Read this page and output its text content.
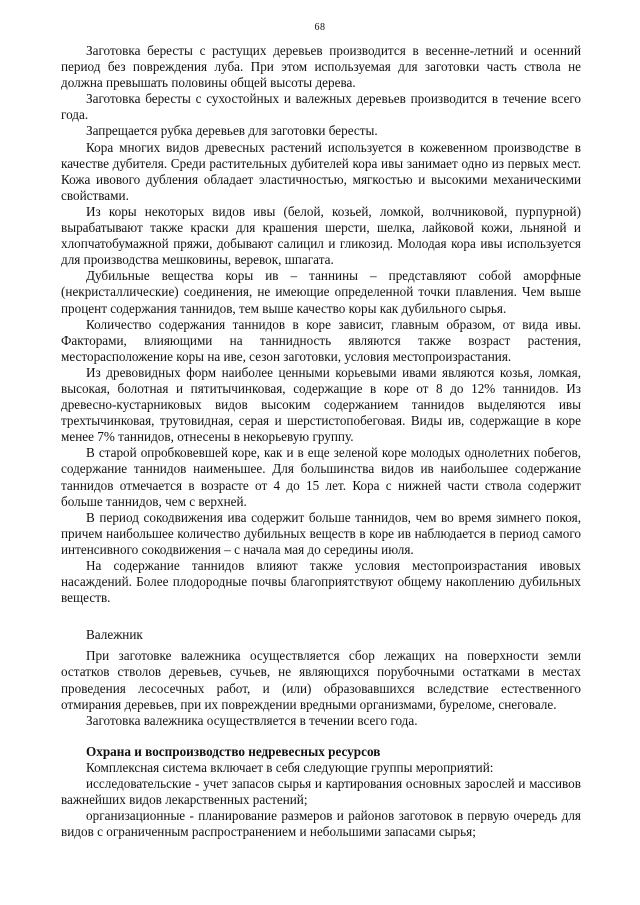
68

Заготовка бересты с растущих деревьев производится в весенне-летний и осенний период без повреждения луба. При этом используемая для заготовки часть ствола не должна превышать половины общей высоты дерева.

Заготовка бересты с сухостойных и валежных деревьев производится в течение всего года.

Запрещается рубка деревьев для заготовки бересты.

Кора многих видов древесных растений используется в кожевенном производстве в качестве дубителя. Среди растительных дубителей кора ивы занимает одно из первых мест. Кожа ивового дубления обладает эластичностью, мягкостью и высокими механическими свойствами.

Из коры некоторых видов ивы (белой, козьей, ломкой, волчниковой, пурпурной) вырабатывают также краски для крашения шерсти, шелка, лайковой кожи, льняной и хлопчатобумажной пряжи, добывают салицил и гликозид. Молодая кора ивы используется для производства мешковины, веревок, шпагата.

Дубильные вещества коры ив – таннины – представляют собой аморфные (некристаллические) соединения, не имеющие определенной точки плавления. Чем выше процент содержания таннидов, тем выше качество коры как дубильного сырья.

Количество содержания таннидов в коре зависит, главным образом, от вида ивы. Факторами, влияющими на таннидность являются также возраст растения, месторасположение коры на иве, сезон заготовки, условия местопроизрастания.

Из древовидных форм наиболее ценными корьевыми ивами являются козья, ломкая, высокая, болотная и пятитычинковая, содержащие в коре от 8 до 12% таннидов. Из древесно-кустарниковых видов высоким содержанием таннидов выделяются ивы трехтычинковая, трутовидная, серая и шерстистопобеговая. Виды ив, содержащие в коре менее 7% таннидов, отнесены в некорьевую группу.

В старой опробковевшей коре, как и в еще зеленой коре молодых однолетних побегов, содержание таннидов наименьшее. Для большинства видов ив наибольшее содержание таннидов отмечается в возрасте от 4 до 15 лет. Кора с нижней части ствола содержит больше таннидов, чем с верхней.

В период сокодвижения ива содержит больше таннидов, чем во время зимнего покоя, причем наибольшее количество дубильных веществ в коре ив наблюдается в период самого интенсивного сокодвижения – с начала мая до середины июля.

На содержание таннидов влияют также условия местопроизрастания ивовых насаждений. Более плодородные почвы благоприятствуют общему накоплению дубильных веществ.

Валежник

При заготовке валежника осуществляется сбор лежащих на поверхности земли остатков стволов деревьев, сучьев, не являющихся порубочными остатками в местах проведения лесосечных работ, и (или) образовавшихся вследствие естественного отмирания деревьев, при их повреждении вредными организмами, буреломе, снеговале.

Заготовка валежника осуществляется в течении всего года.

Охрана и воспроизводство недревесных ресурсов

Комплексная система включает в себя следующие группы мероприятий:

исследовательские - учет запасов сырья и картирования основных зарослей и массивов важнейших видов лекарственных растений;

организационные - планирование размеров и районов заготовок в первую очередь для видов с ограниченным распространением и небольшими запасами сырья;
